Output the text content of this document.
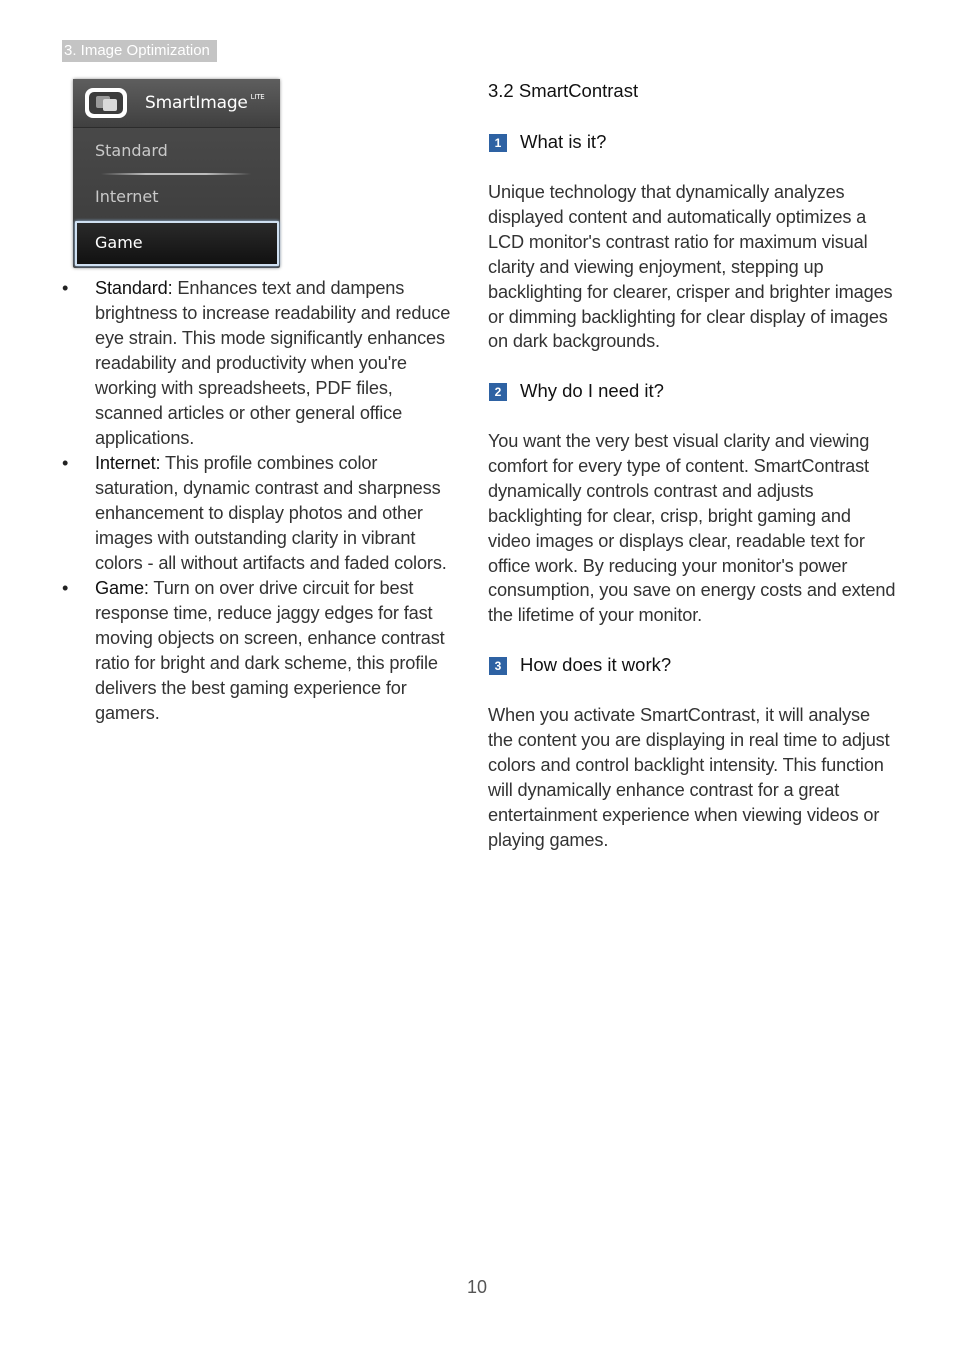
3. Image Optimization
SmartImage $^{LITE}$
Standard
Internet
Game
• Standard: Enhances text and dampens brightness to increase readability and reduce eye strain. This mode significantly enhances readability and productivity when you're working with spreadsheets, PDF files, scanned articles or other general office applications.
• Internet: This profile combines color saturation, dynamic contrast and sharpness enhancement to display photos and other images with outstanding clarity in vibrant colors - all without artifacts and faded colors.
• Game: Turn on over drive circuit for best response time, reduce jaggy edges for fast moving objects on screen, enhance contrast ratio for bright and dark scheme, this profile delivers the best gaming experience for gamers.
3.2 SmartContrast
1	What is it?

Unique technology that dynamically analyzes displayed content and automatically optimizes a LCD monitor's contrast ratio for maximum visual clarity and viewing enjoyment, stepping up backlighting for clearer, crisper and brighter images or dimming backlighting for clear display of images on dark backgrounds.

2	Why do I need it?

You want the very best visual clarity and viewing comfort for every type of content. SmartContrast dynamically controls contrast and adjusts backlighting for clear, crisp, bright gaming and video images or displays clear, readable text for office work. By reducing your monitor's power consumption, you save on energy costs and extend the lifetime of your monitor.

3	How does it work?

When you activate SmartContrast, it will analyse the content you are displaying in real time to adjust colors and control backlight intensity. This function will dynamically enhance contrast for a great entertainment experience when viewing videos or playing games.

10
